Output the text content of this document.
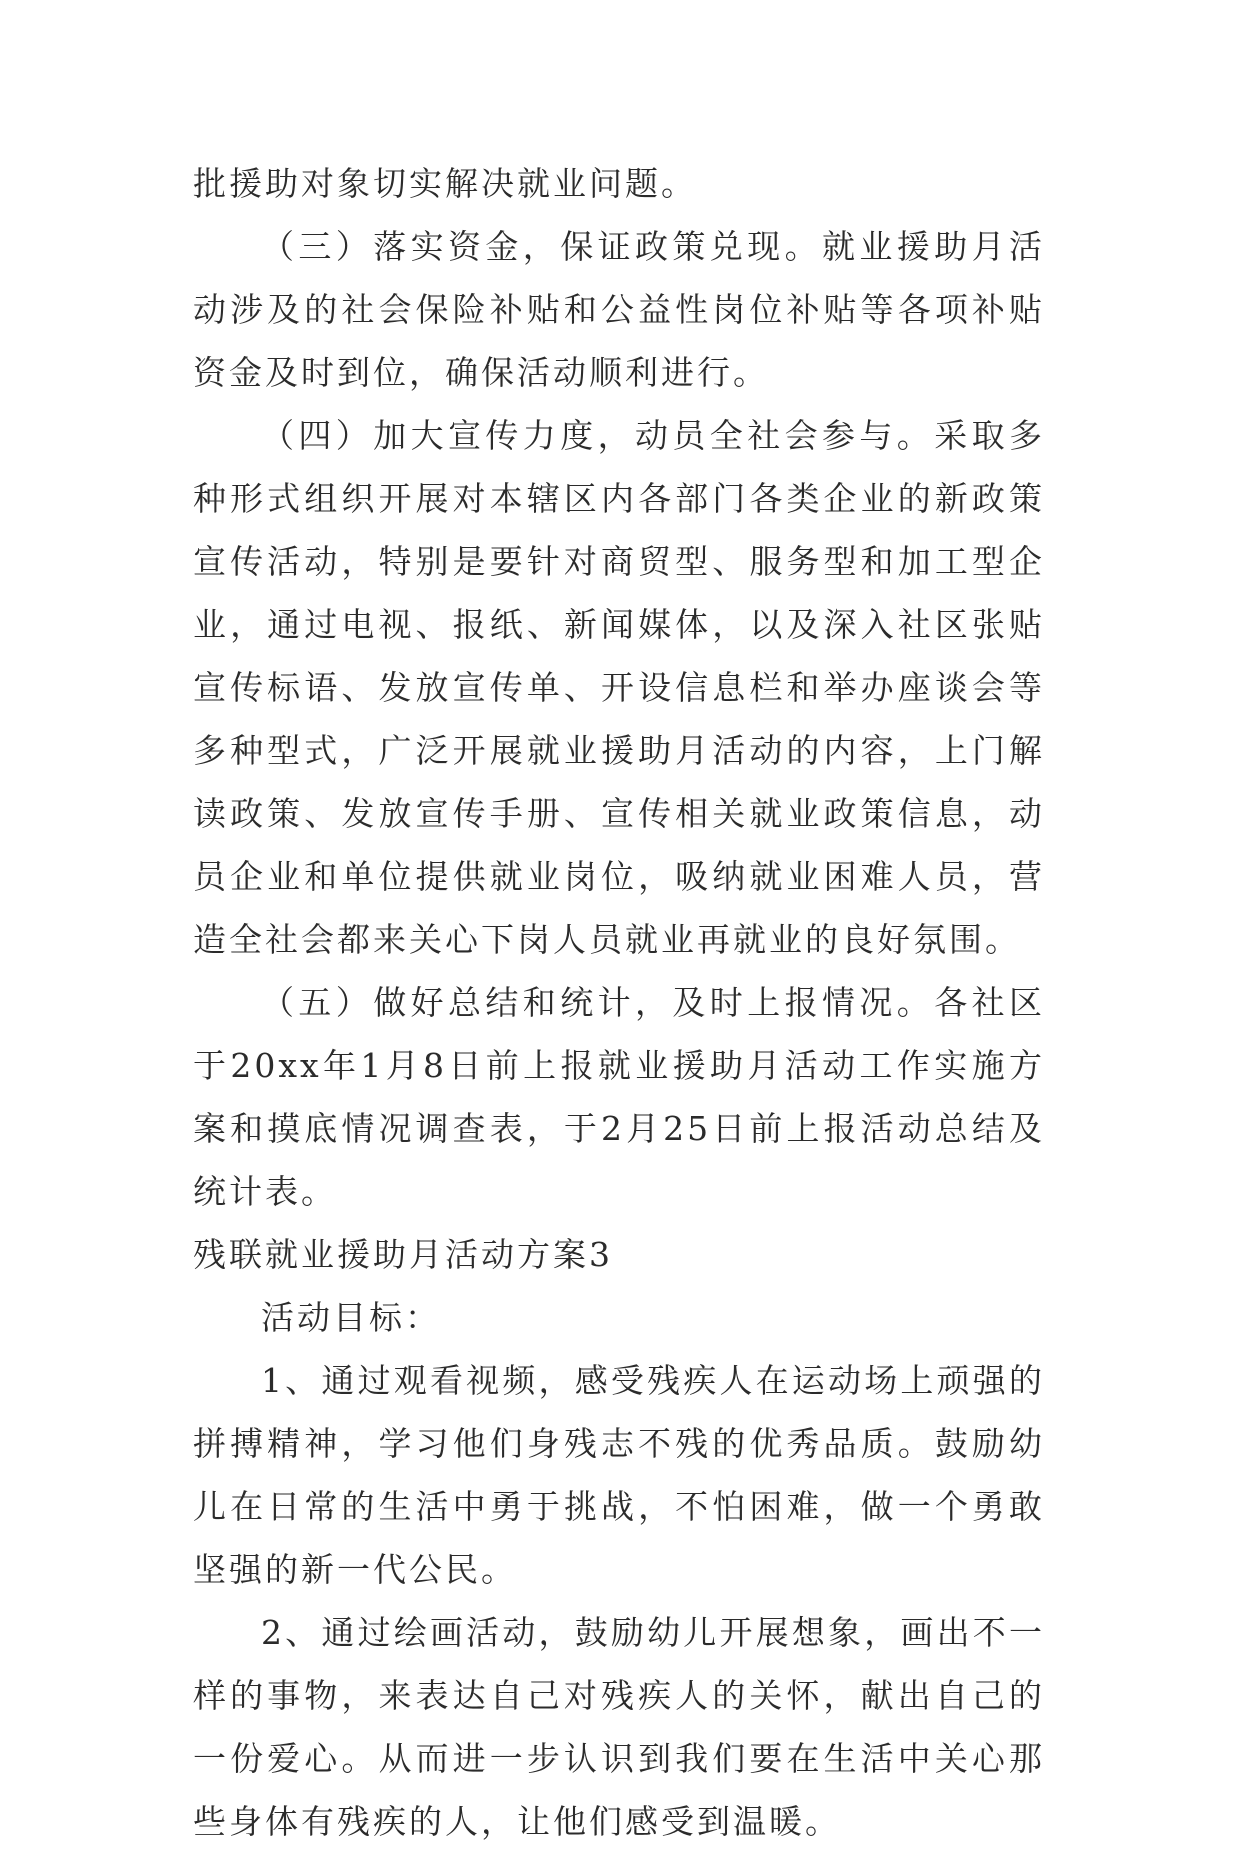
批援助对象切实解决就业问题。

（三）落实资金，保证政策兑现。就业援助月活动涉及的社会保险补贴和公益性岗位补贴等各项补贴资金及时到位，确保活动顺利进行。

（四）加大宣传力度，动员全社会参与。采取多种形式组织开展对本辖区内各部门各类企业的新政策宣传活动，特别是要针对商贸型、服务型和加工型企业，通过电视、报纸、新闻媒体，以及深入社区张贴宣传标语、发放宣传单、开设信息栏和举办座谈会等多种型式，广泛开展就业援助月活动的内容，上门解读政策、发放宣传手册、宣传相关就业政策信息，动员企业和单位提供就业岗位，吸纳就业困难人员，营造全社会都来关心下岗人员就业再就业的良好氛围。

（五）做好总结和统计，及时上报情况。各社区于20xx年1月8日前上报就业援助月活动工作实施方案和摸底情况调查表，于2月25日前上报活动总结及统计表。

残联就业援助月活动方案3

活动目标：

1、通过观看视频，感受残疾人在运动场上顽强的拼搏精神，学习他们身残志不残的优秀品质。鼓励幼儿在日常的生活中勇于挑战，不怕困难，做一个勇敢坚强的新一代公民。

2、通过绘画活动，鼓励幼儿开展想象，画出不一样的事物，来表达自己对残疾人的关怀，献出自己的一份爱心。从而进一步认识到我们要在生活中关心那些身体有残疾的人，让他们感受到温暖。
